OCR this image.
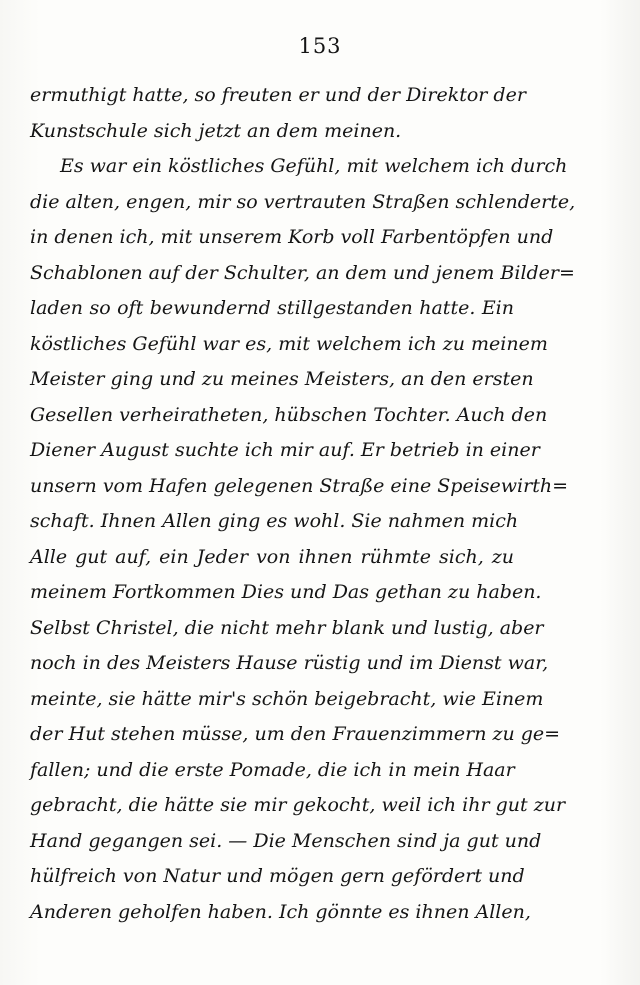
153
ermuthigt hatte, so freuten er und der Direktor der
Kunstschule sich jetzt an dem meinen.
Es war ein köstliches Gefühl, mit welchem ich durch
die alten, engen, mir so vertrauten Straßen schlenderte,
in denen ich, mit unserem Korb voll Farbentöpfen und
Schablonen auf der Schulter, an dem und jenem Bilder=
laden so oft bewundernd stillgestanden hatte. Ein
köstliches Gefühl war es, mit welchem ich zu meinem
Meister ging und zu meines Meisters, an den ersten
Gesellen verheiratheten, hübschen Tochter. Auch den
Diener August suchte ich mir auf. Er betrieb in einer
unsern vom Hafen gelegenen Straße eine Speisewirth=
schaft. Ihnen Allen ging es wohl. Sie nahmen mich
Alle gut auf, ein Jeder von ihnen rühmte sich, zu
meinem Fortkommen Dies und Das gethan zu haben.
Selbst Christel, die nicht mehr blank und lustig, aber
noch in des Meisters Hause rüstig und im Dienst war,
meinte, sie hätte mir's schön beigebracht, wie Einem
der Hut stehen müsse, um den Frauenzimmern zu ge=
fallen; und die erste Pomade, die ich in mein Haar
gebracht, die hätte sie mir gekocht, weil ich ihr gut zur
Hand gegangen sei. — Die Menschen sind ja gut und
hülfreich von Natur und mögen gern gefördert und
Anderen geholfen haben. Ich gönnte es ihnen Allen,
